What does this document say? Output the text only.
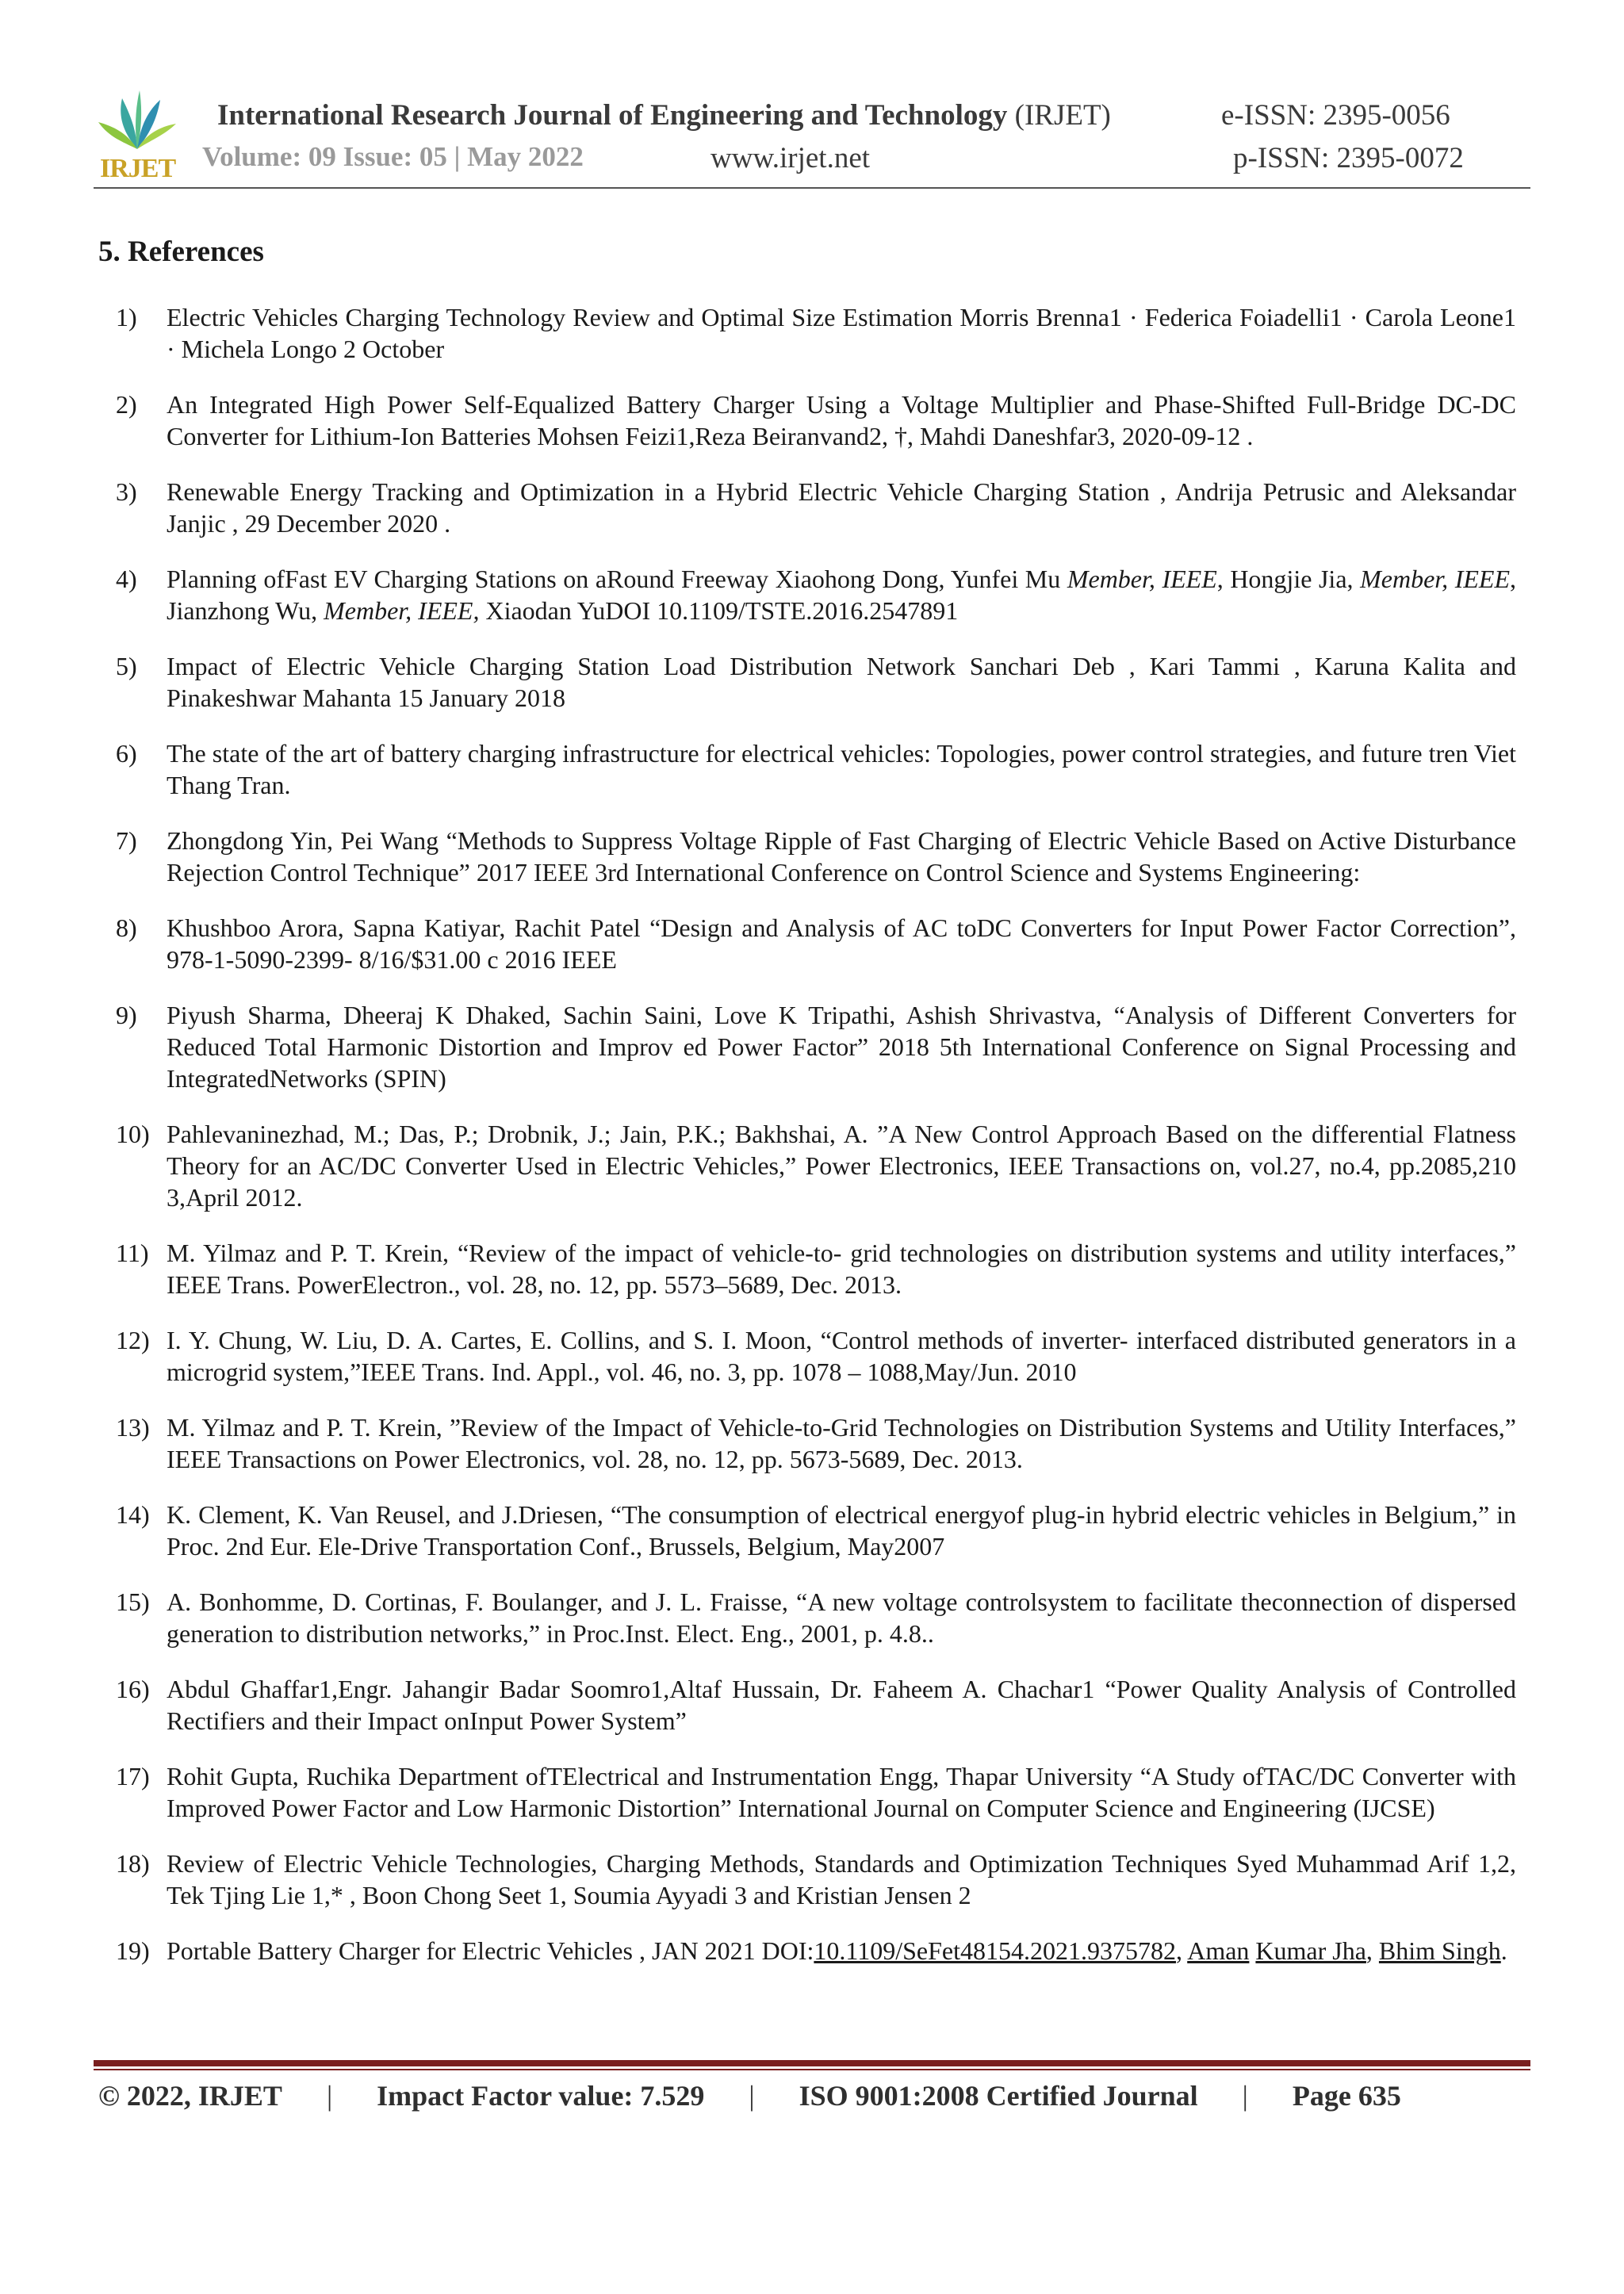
IRJET
International Research Journal of Engineering and Technology (IRJET)	e-ISSN: 2395-0056
Volume: 09 Issue: 05 | May 2022	www.irjet.net	p-ISSN: 2395-0072
5. References
1) Electric Vehicles Charging Technology Review and Optimal Size Estimation Morris Brenna1 · Federica Foiadelli1 · Carola Leone1 · Michela Longo 2 October
2) An Integrated High Power Self-Equalized Battery Charger Using a Voltage Multiplier and Phase-Shifted Full-Bridge DC-DC Converter for Lithium-Ion Batteries Mohsen Feizi1,Reza Beiranvand2, †, Mahdi Daneshfar3, 2020-09-12 .
3) Renewable Energy Tracking and Optimization in a Hybrid Electric Vehicle Charging Station , Andrija Petrusic and Aleksandar Janjic , 29 December 2020 .
4) Planning ofFast EV Charging Stations on aRound Freeway Xiaohong Dong, Yunfei Mu Member, IEEE, Hongjie Jia, Member, IEEE, Jianzhong Wu, Member, IEEE, Xiaodan YuDOI 10.1109/TSTE.2016.2547891
5) Impact of Electric Vehicle Charging Station Load Distribution Network Sanchari Deb , Kari Tammi , Karuna Kalita and Pinakeshwar Mahanta 15 January 2018
6) The state of the art of battery charging infrastructure for electrical vehicles: Topologies, power control strategies, and future tren Viet Thang Tran.
7) Zhongdong Yin, Pei Wang “Methods to Suppress Voltage Ripple of Fast Charging of Electric Vehicle Based on Active Disturbance Rejection Control Technique” 2017 IEEE 3rd International Conference on Control Science and Systems Engineering:
8) Khushboo Arora, Sapna Katiyar, Rachit Patel “Design and Analysis of AC toDC Converters for Input Power Factor Correction”, 978-1-5090-2399- 8/16/$31.00 c 2016 IEEE
9) Piyush Sharma, Dheeraj K Dhaked, Sachin Saini, Love K Tripathi, Ashish Shrivastva, “Analysis of Different Converters for Reduced Total Harmonic Distortion and Improv ed Power Factor” 2018 5th International Conference on Signal Processing and IntegratedNetworks (SPIN)
10) Pahlevaninezhad, M.; Das, P.; Drobnik, J.; Jain, P.K.; Bakhshai, A. ”A New Control Approach Based on the differential Flatness Theory for an AC/DC Converter Used in Electric Vehicles,” Power Electronics, IEEE Transactions on, vol.27, no.4, pp.2085,210 3,April 2012.
11) M. Yilmaz and P. T. Krein, “Review of the impact of vehicle-to- grid technologies on distribution systems and utility interfaces,” IEEE Trans. PowerElectron., vol. 28, no. 12, pp. 5573–5689, Dec. 2013.
12) I. Y. Chung, W. Liu, D. A. Cartes, E. Collins, and S. I. Moon, “Control methods of inverter- interfaced distributed generators in a microgrid system,”IEEE Trans. Ind. Appl., vol. 46, no. 3, pp. 1078 – 1088,May/Jun. 2010
13) M. Yilmaz and P. T. Krein, ”Review of the Impact of Vehicle-to-Grid Technologies on Distribution Systems and Utility Interfaces,” IEEE Transactions on Power Electronics, vol. 28, no. 12, pp. 5673-5689, Dec. 2013.
14) K. Clement, K. Van Reusel, and J.Driesen, “The consumption of electrical energyof plug-in hybrid electric vehicles in Belgium,” in Proc. 2nd Eur. Ele-Drive Transportation Conf., Brussels, Belgium, May2007
15) A. Bonhomme, D. Cortinas, F. Boulanger, and J. L. Fraisse, “A new voltage controlsystem to facilitate theconnection of dispersed generation to distribution networks,” in Proc.Inst. Elect. Eng., 2001, p. 4.8..
16) Abdul Ghaffar1,Engr. Jahangir Badar Soomro1,Altaf Hussain, Dr. Faheem A. Chachar1 “Power Quality Analysis of Controlled Rectifiers and their Impact onInput Power System”
17) Rohit Gupta, Ruchika Department ofTElectrical and Instrumentation Engg, Thapar University “A Study ofTAC/DC Converter with Improved Power Factor and Low Harmonic Distortion” International Journal on Computer Science and Engineering (IJCSE)
18) Review of Electric Vehicle Technologies, Charging Methods, Standards and Optimization Techniques Syed Muhammad Arif 1,2, Tek Tjing Lie 1,* , Boon Chong Seet 1, Soumia Ayyadi 3 and Kristian Jensen 2
19) Portable Battery Charger for Electric Vehicles , JAN 2021 DOI:10.1109/SeFet48154.2021.9375782, Aman Kumar Jha, Bhim Singh.
© 2022, IRJET | Impact Factor value: 7.529 | ISO 9001:2008 Certified Journal | Page 635
